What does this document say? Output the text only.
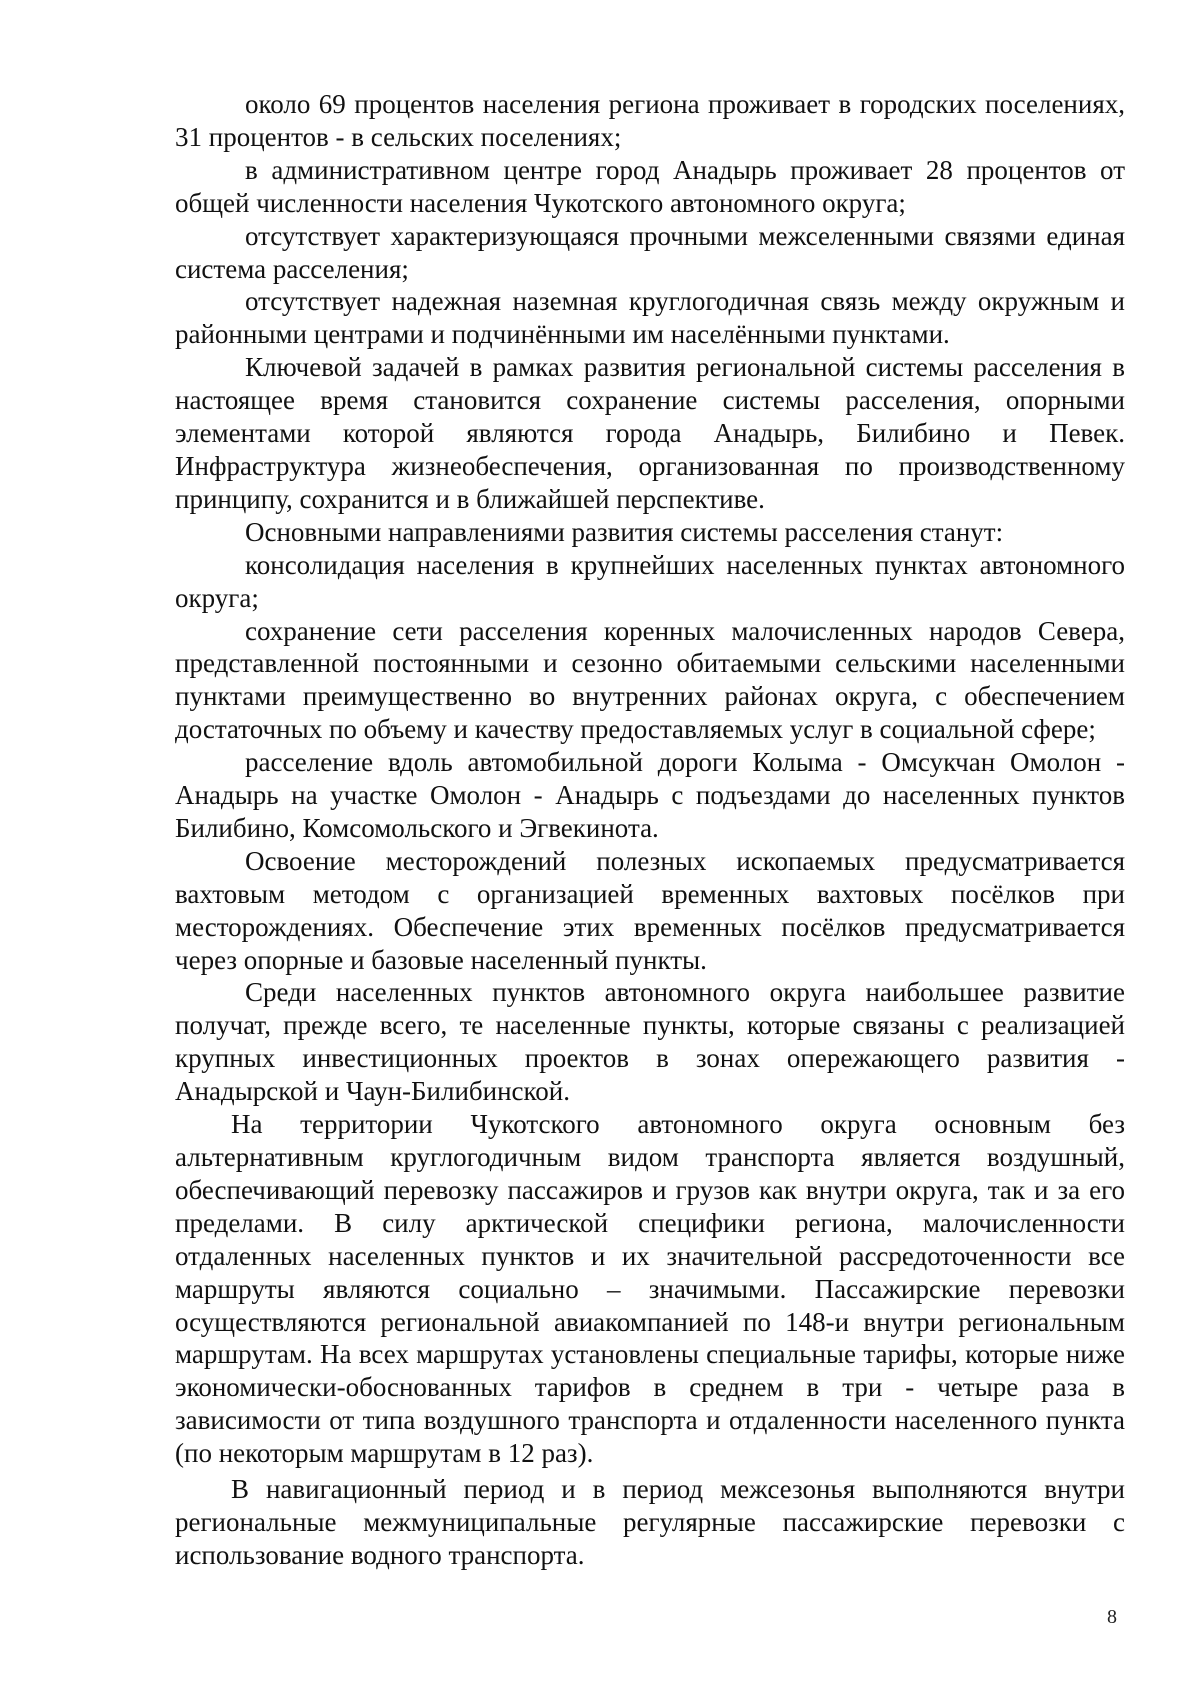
около 69 процентов населения региона проживает в городских поселениях, 31 процентов - в сельских поселениях;

в административном центре город Анадырь проживает 28 процентов от общей численности населения Чукотского автономного округа;

отсутствует характеризующаяся прочными межселенными связями единая система расселения;

отсутствует надежная наземная круглогодичная связь между окружным и районными центрами и подчинёнными им населёнными пунктами.

Ключевой задачей в рамках развития региональной системы расселения в настоящее время становится сохранение системы расселения, опорными элементами которой являются города Анадырь, Билибино и Певек. Инфраструктура жизнеобеспечения, организованная по производственному принципу, сохранится и в ближайшей перспективе.

Основными направлениями развития системы расселения станут:

консолидация населения в крупнейших населенных пунктах автономного округа;

сохранение сети расселения коренных малочисленных народов Севера, представленной постоянными и сезонно обитаемыми сельскими населенными пунктами преимущественно во внутренних районах округа, с обеспечением достаточных по объему и качеству предоставляемых услуг в социальной сфере;

расселение вдоль автомобильной дороги Колыма - Омсукчан Омолон - Анадырь на участке Омолон - Анадырь с подъездами до населенных пунктов Билибино, Комсомольского и Эгвекинота.

Освоение месторождений полезных ископаемых предусматривается вахтовым методом с организацией временных вахтовых посёлков при месторождениях. Обеспечение этих временных посёлков предусматривается через опорные и базовые населенный пункты.

Среди населенных пунктов автономного округа наибольшее развитие получат, прежде всего, те населенные пункты, которые связаны с реализацией крупных инвестиционных проектов в зонах опережающего развития - Анадырской и Чаун-Билибинской.

На территории Чукотского автономного округа основным без альтернативным круглогодичным видом транспорта является воздушный, обеспечивающий перевозку пассажиров и грузов как внутри округа, так и за его пределами. В силу арктической специфики региона, малочисленности отдаленных населенных пунктов и их значительной рассредоточенности все маршруты являются социально – значимыми. Пассажирские перевозки осуществляются региональной авиакомпанией по 148-и внутри региональным маршрутам. На всех маршрутах установлены специальные тарифы, которые ниже экономически-обоснованных тарифов в среднем в три - четыре раза в зависимости от типа воздушного транспорта и отдаленности населенного пункта (по некоторым маршрутам в 12 раз).

В навигационный период и в период межсезонья выполняются внутри региональные межмуниципальные регулярные пассажирские перевозки с использование водного транспорта.

8
